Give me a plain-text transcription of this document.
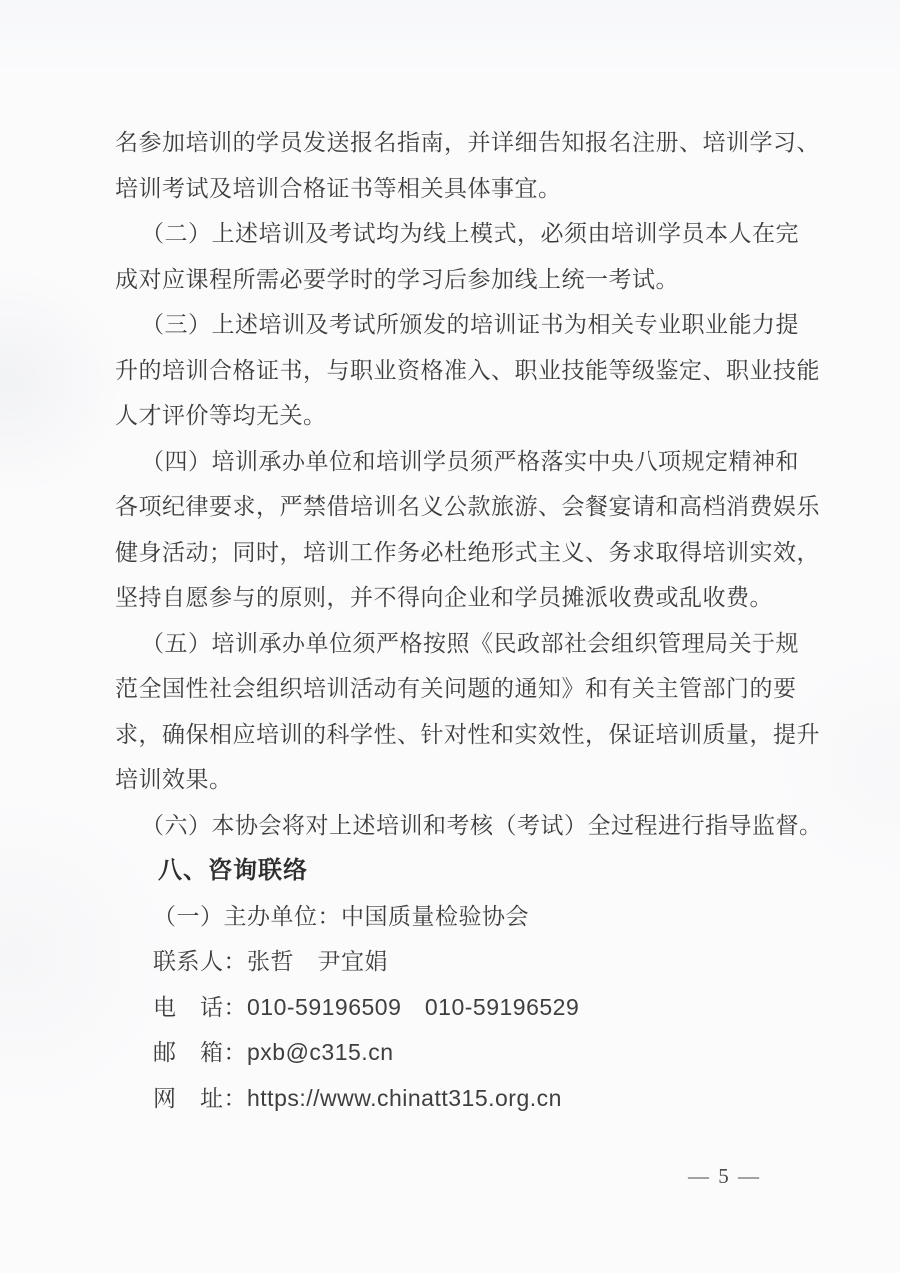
名参加培训的学员发送报名指南，并详细告知报名注册、培训学习、
培训考试及培训合格证书等相关具体事宜。
（二）上述培训及考试均为线上模式，必须由培训学员本人在完
成对应课程所需必要学时的学习后参加线上统一考试。
（三）上述培训及考试所颁发的培训证书为相关专业职业能力提
升的培训合格证书，与职业资格准入、职业技能等级鉴定、职业技能
人才评价等均无关。
（四）培训承办单位和培训学员须严格落实中央八项规定精神和
各项纪律要求，严禁借培训名义公款旅游、会餐宴请和高档消费娱乐
健身活动；同时，培训工作务必杜绝形式主义、务求取得培训实效，
坚持自愿参与的原则，并不得向企业和学员摊派收费或乱收费。
（五）培训承办单位须严格按照《民政部社会组织管理局关于规
范全国性社会组织培训活动有关问题的通知》和有关主管部门的要
求，确保相应培训的科学性、针对性和实效性，保证培训质量，提升
培训效果。
（六）本协会将对上述培训和考核（考试）全过程进行指导监督。
八、咨询联络
（一）主办单位：中国质量检验协会
联系人：张哲　尹宜娟
电　话：010-59196509　010-59196529
邮　箱：pxb@c315.cn
网　址：https://www.chinatt315.org.cn
— 5 —
